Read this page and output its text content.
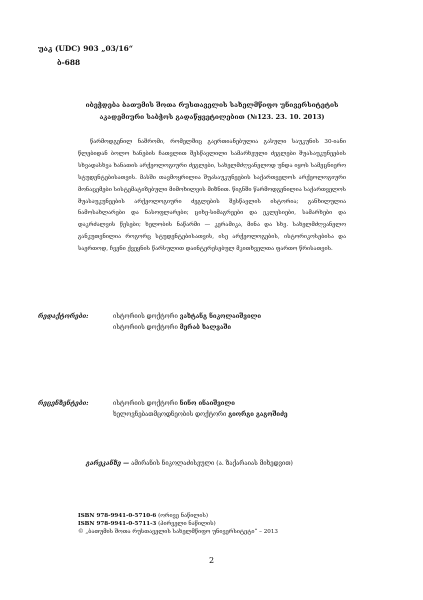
უაკ (UDC) 903 „03/16“
ბ-688
იბეჭდება ბათუმის შოთა რუსთაველის სახელმწიფო უნივერსიტეტის
აკადემიური საბჭოს გადაწყვეტილებით (№123. 23. 10. 2013)

წარმოდგენილ ნაშრომი, რომელშიც გაერთიანებულია გასული საუკუნის 30-იანი წლებიდან ბოლო ხანების ჩათვლით შესწავლილი სამარხეული ძეგლები შუასაუკუნეების სხვადასხვა ხანათის არქეოლოგიური ძეგლები, სახელმძღვანელოდ უნდა იყოს სამეცნიერო სტუდენტებისათვის. მასში თავმოყრილია შუასაუკუნეების საქართველოს არქეოლოგიური მონაცემები სისტემატიზებული მიმოხილვის მიზნით. წიგნში წარმოდგენილია საქართველოს შუასაუკუნეების არქეოლოგიური ძეგლების შესწავლის ისტორია; განხილულია ნამოსახლარები და ნასოფლარები; ციხე-სიმაგრეები და ეკლესიები, სამარხები და დაკრძალვის წესები; ხელობის ნაწარმი — კერამიკა, მინა და სხვ. სახელმძღვანელო განკუთვნილია როგორც სტუდენტებისათვის, ისე არქეოლოგების, ისტორიკოსებისა და საერთოდ, ჩვენი ქვეყნის წარსულით დაინტერესებულ მკითხველთა ფართო წრისათვის.

რედაქტორები:	ისტორიის დოქტორი ვახტანგ ნიკოლაიშვილი
ისტორიის დოქტორი მერაბ ხალვაში
რეცენზენტები:	ისტორიის დოქტორი ნინო ინაიშვილი
ხელოვნებათმცოდნეობის დოქტორი გიორგი გაგოშიძე
გარეკანზე — ამირანის ნიკოლაძისეული (ა. ზაქარაიას მიხედვით)
2
ISBN 978-9941-0-5710-6 (ორივე ნაწილის)
ISBN 978-9941-0-5711-3 (პირველი ნაწილის)
© „ბათუმის შოთა რუსთაველის სახელმწიფო უნივერსიტეტი“ – 2013
